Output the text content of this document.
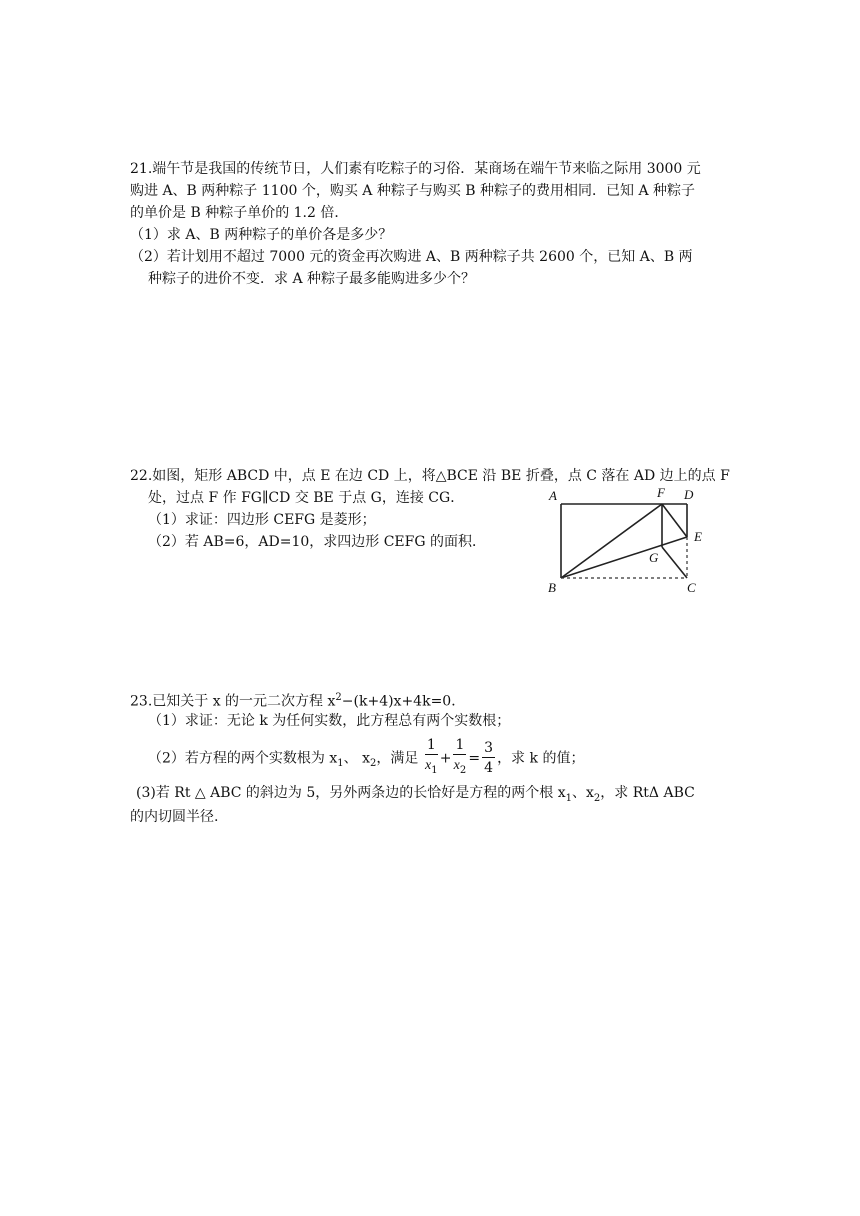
21.端午节是我国的传统节日，人们素有吃粽子的习俗．某商场在端午节来临之际用 3000 元
购进 A、B 两种粽子 1100 个，购买 A 种粽子与购买 B 种粽子的费用相同．已知 A 种粽子
的单价是 B 种粽子单价的 1.2 倍．
（1）求 A、B 两种粽子的单价各是多少？
（2）若计划用不超过 7000 元的资金再次购进 A、B 两种粽子共 2600 个，已知 A、B 两
种粽子的进价不变．求 A 种粽子最多能购进多少个？
22.如图，矩形 ABCD 中，点 E 在边 CD 上，将△BCE 沿 BE 折叠，点 C 落在 AD 边上的点 F
处，过点 F 作 FG∥CD 交 BE 于点 G，连接 CG．
（1）求证：四边形 CEFG 是菱形；
（2）若 AB=6，AD=10，求四边形 CEFG 的面积．
A	F D
E
G
B	C
23.已知关于 x 的一元二次方程 $x^2-(k+4)x+4k=0$．
（1）求证：无论 k 为任何实数，此方程总有两个实数根；
（2）若方程的两个实数根为 $x_1$、 $x_2$，满足 $\frac{1}{x_1} + \frac{1}{x_2} = \frac{3}{4}$ ，求 k 的值；
(3)若 Rt △ ABC 的斜边为 5，另外两条边的长恰好是方程的两个根 $x_1$、$x_2$，求 RtΔ ABC
的内切圆半径.
